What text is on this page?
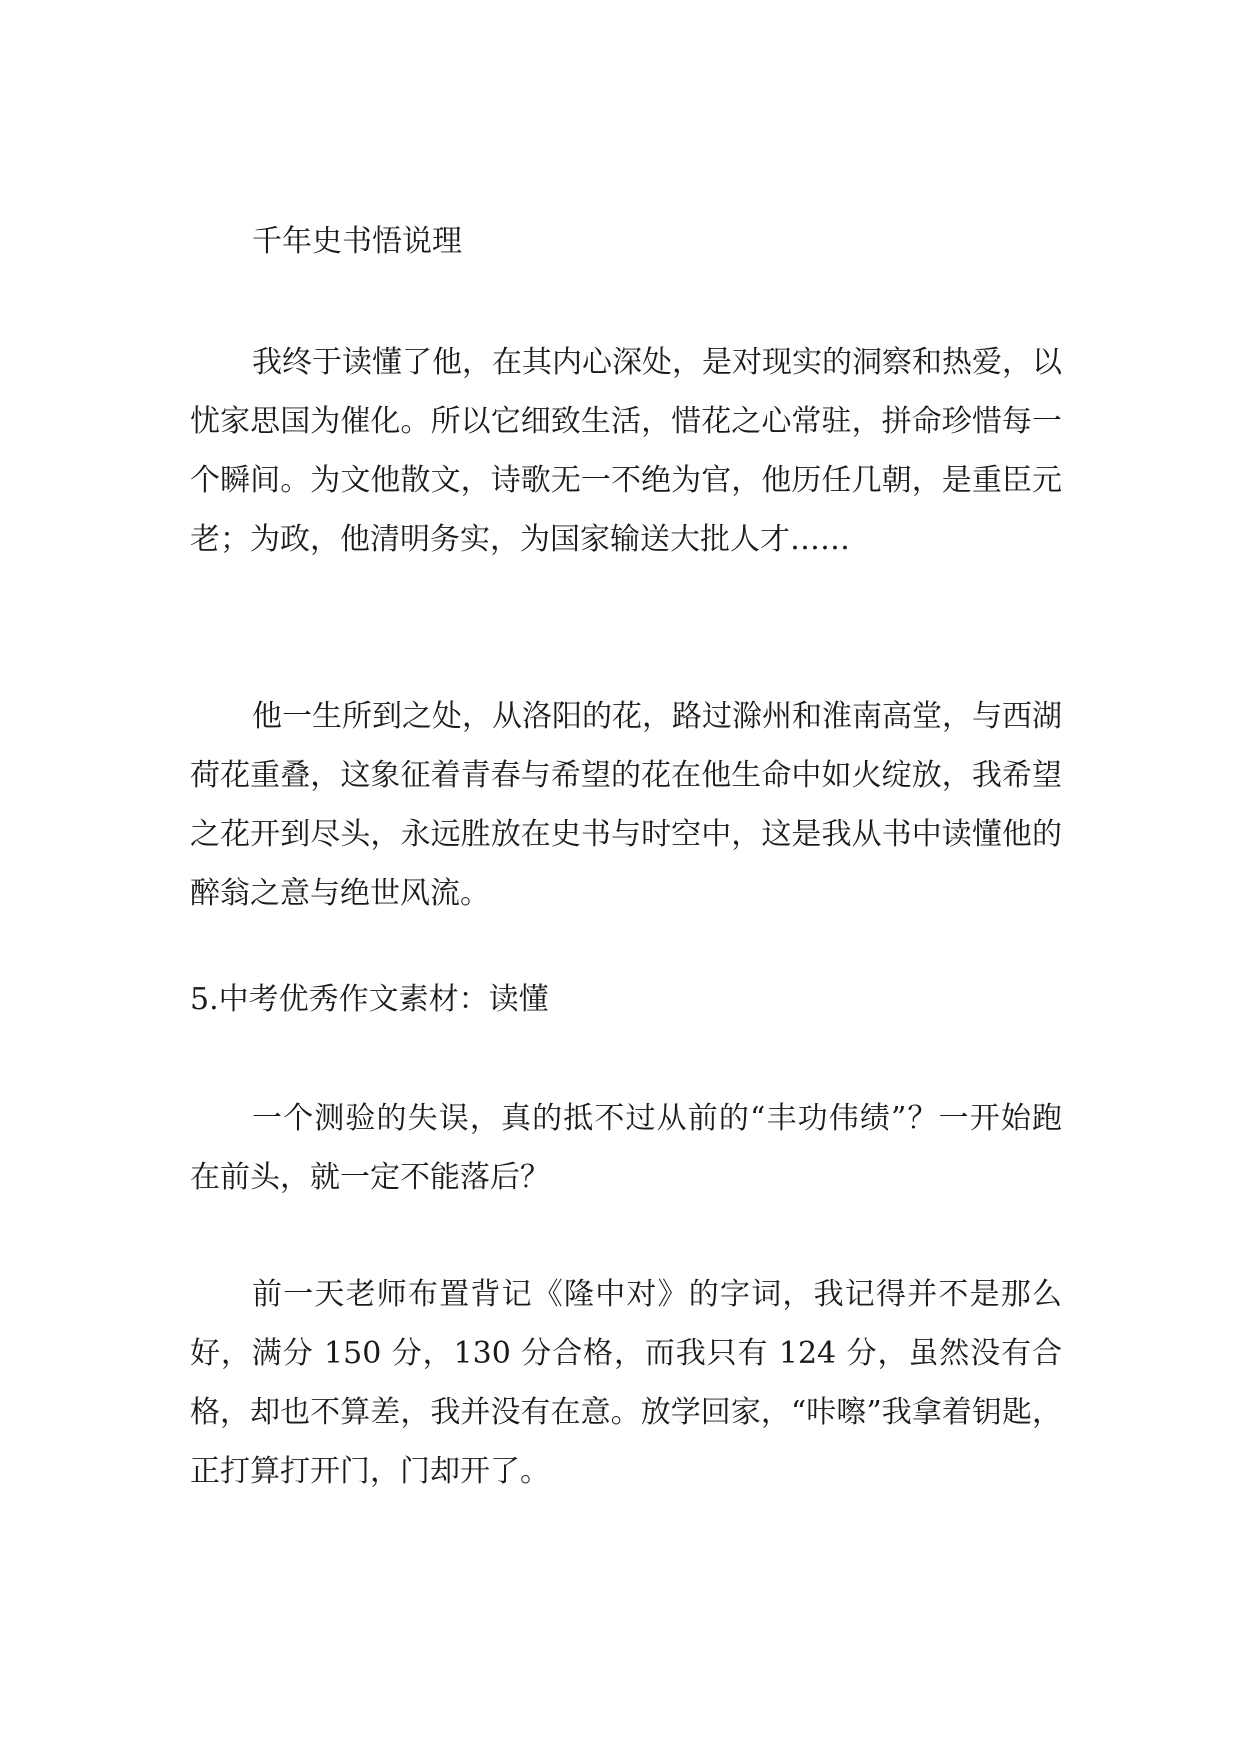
千年史书悟说理

我终于读懂了他，在其内心深处，是对现实的洞察和热爱，以忧家思国为催化。所以它细致生活，惜花之心常驻，拼命珍惜每一个瞬间。为文他散文，诗歌无一不绝为官，他历任几朝，是重臣元老；为政，他清明务实，为国家输送大批人才……

他一生所到之处，从洛阳的花，路过滁州和淮南高堂，与西湖荷花重叠，这象征着青春与希望的花在他生命中如火绽放，我希望之花开到尽头，永远胜放在史书与时空中，这是我从书中读懂他的醉翁之意与绝世风流。

5.中考优秀作文素材：读懂

一个测验的失误，真的抵不过从前的“丰功伟绩”？一开始跑在前头，就一定不能落后？

前一天老师布置背记《隆中对》的字词，我记得并不是那么好，满分 150 分，130 分合格，而我只有 124 分，虽然没有合格，却也不算差，我并没有在意。放学回家，“咔嚓”我拿着钥匙，正打算打开门，门却开了。
